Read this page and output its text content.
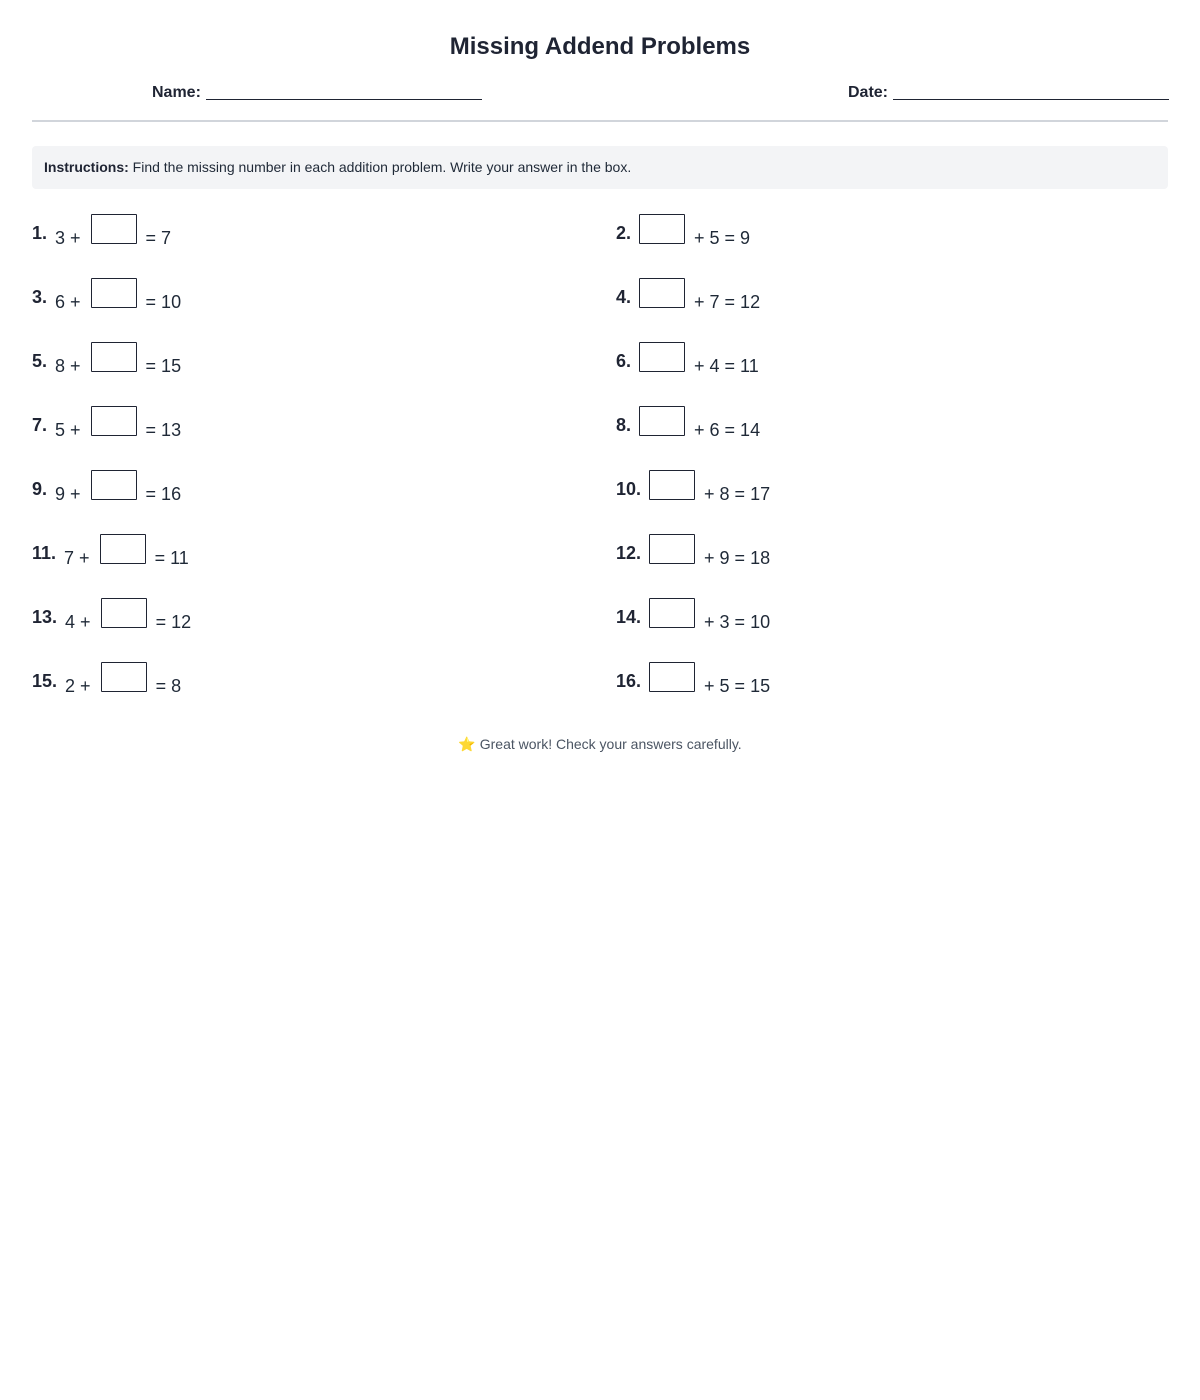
Missing Addend Problems
Name:	Date:
Instructions: Find the missing number in each addition problem. Write your answer in the box.
1. 3 +	= 7	2.	+ 5 = 9
3. 6 +	= 10	4.	+ 7 = 12
5. 8 +	= 15	6.	+ 4 = 11
7. 5 +	= 13	8.	+ 6 = 14
9. 9 +	= 16	10.	+ 8 = 17
11. 7 +	= 11	12.	+ 9 = 18
13. 4 +	= 12	14.	+ 3 = 10
15. 2 +	= 8	16.	+ 5 = 15
⭐ Great work! Check your answers carefully.
